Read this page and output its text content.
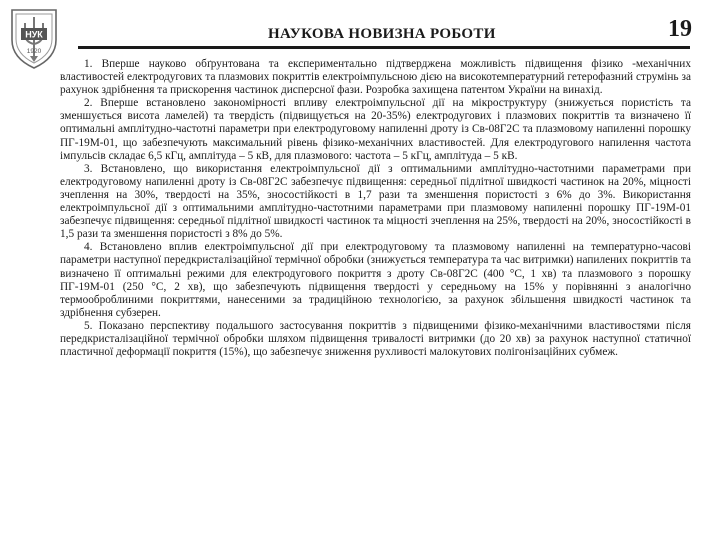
НУК
1920
НАУКОВА НОВИЗНА РОБОТИ	19

1. Вперше науково обґрунтована та експериментально підтверджена можливість підвищення фізико -механічних властивостей електродугових та плазмових покриттів електроімпульсною дією на високотемпературний гетерофазний струмінь за рахунок здрібнення та прискорення частинок дисперсної фази. Розробка захищена патентом України на винахід.

2. Вперше встановлено закономірності впливу електроімпульсної дії на мікроструктуру (знижується пористість та зменшується висота ламелей) та твердість (підвищується на 20-35%) електродугових і плазмових покриттів та визначено її оптимальні амплітудно-частотні параметри при електродуговому напиленні дроту із Св-08Г2С та плазмовому напиленні порошку ПГ-19М-01, що забезпечують максимальний рівень фізико-механічних властивостей. Для електродугового напилення частота імпульсів складає 6,5 кГц, амплітуда – 5 кВ, для плазмового: частота – 5 кГц, амплітуда – 5 кВ.

3. Встановлено, що використання електроімпульсної дії з оптимальними амплітудно-частотними параметрами при електродуговому напиленні дроту із Св-08Г2С забезпечує підвищення: середньої підлітної швидкості частинок на 20%, міцності зчеплення на 30%, твердості на 35%, зносостійкості в 1,7 рази та зменшення пористості з 6% до 3%. Використання електроімпульсної дії з оптимальними амплітудно-частотними параметрами при плазмовому напиленні порошку ПГ-19М-01 забезпечує підвищення: середньої підлітної швидкості частинок та міцності зчеплення на 25%, твердості на 20%, зносостійкості в 1,5 рази та зменшення пористості з 8% до 5%.

4. Встановлено вплив електроімпульсної дії при електродуговому та плазмовому напиленні на температурно-часові параметри наступної передкристалізаційної термічної обробки (знижується температура та час витримки) напилених покриттів та визначено її оптимальні режими для електродугового покриття з дроту Св-08Г2С (400 °С, 1 хв) та плазмового з порошку ПГ-19М-01 (250 °С, 2 хв), що забезпечують підвищення твердості у середньому на 15% у порівнянні з аналогічно термооброблиними покриттями, нанесеними за традиційною технологією, за рахунок збільшення швидкості частинок та здрібнення субзерен.

5. Показано перспективу подальшого застосування покриттів з підвищеними фізико-механічними властивостями після передкристалізаційної термічної обробки шляхом підвищення тривалості витримки (до 20 хв) за рахунок наступної статичної пластичної деформації покриття (15%), що забезпечує зниження рухливості малокутових полігонізаційних субмеж.
